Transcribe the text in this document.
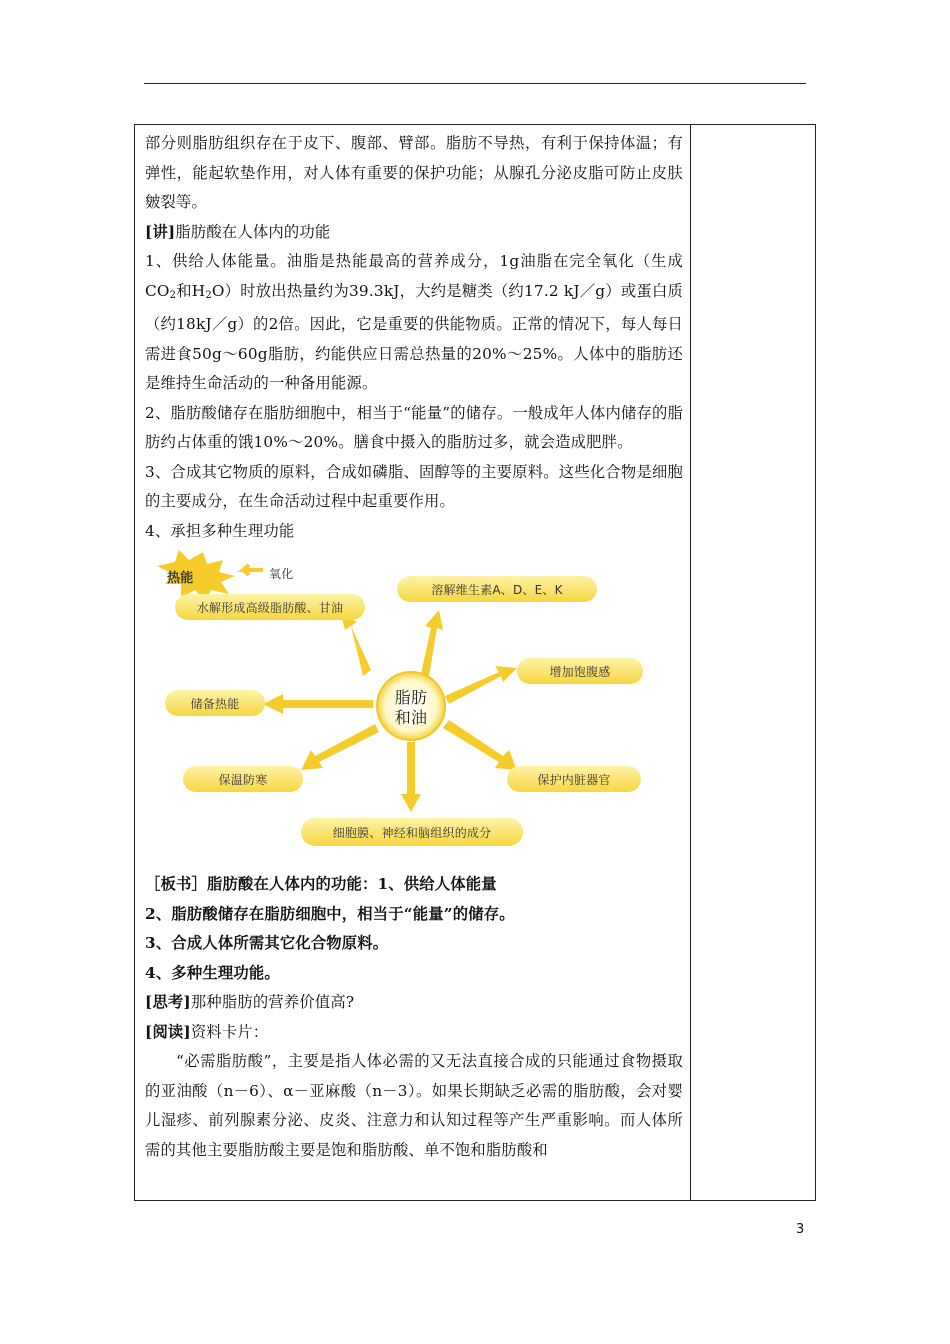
部分则脂肪组织存在于皮下、腹部、臂部。脂肪不导热，有利于保持体温；有弹性，能起软垫作用，对人体有重要的保护功能；从腺孔分泌皮脂可防止皮肤皴裂等。

[讲]脂肪酸在人体内的功能

1、供给人体能量。油脂是热能最高的营养成分，1g油脂在完全氧化（生成$CO_2$和$H_2O$）时放出热量约为39.3kJ，大约是糖类（约17.2 kJ／g）或蛋白质（约18kJ／g）的2倍。因此，它是重要的供能物质。正常的情况下，每人每日需进食50g～60g脂肪，约能供应日需总热量的20%～25%。人体中的脂肪还是维持生命活动的一种备用能源。

2、脂肪酸储存在脂肪细胞中，相当于“能量”的储存。一般成年人体内储存的脂肪约占体重的饿10%～20%。膳食中摄入的脂肪过多，就会造成肥胖。

3、合成其它物质的原料，合成如磷脂、固醇等的主要原料。这些化合物是细胞的主要成分，在生命活动过程中起重要作用。

4、承担多种生理功能

热能	氧化
脂肪
和油
水解形成高级脂肪酸、甘油
溶解维生素A、D、E、K
增加饱腹感
储备热能
保温防寒	保护内脏器官
细胞膜、神经和脑组织的成分

［板书］脂肪酸在人体内的功能：1、供给人体能量

2、脂肪酸储存在脂肪细胞中，相当于“能量”的储存。

3、合成人体所需其它化合物原料。

4、多种生理功能。

[思考]那种脂肪的营养价值高?

[阅读]资料卡片：

“必需脂肪酸”，主要是指人体必需的又无法直接合成的只能通过食物摄取的亚油酸（n－6）、α－亚麻酸（n－3）。如果长期缺乏必需的脂肪酸，会对婴儿湿疹、前列腺素分泌、皮炎、注意力和认知过程等产生严重影响。而人体所需的其他主要脂肪酸主要是饱和脂肪酸、单不饱和脂肪酸和

3
